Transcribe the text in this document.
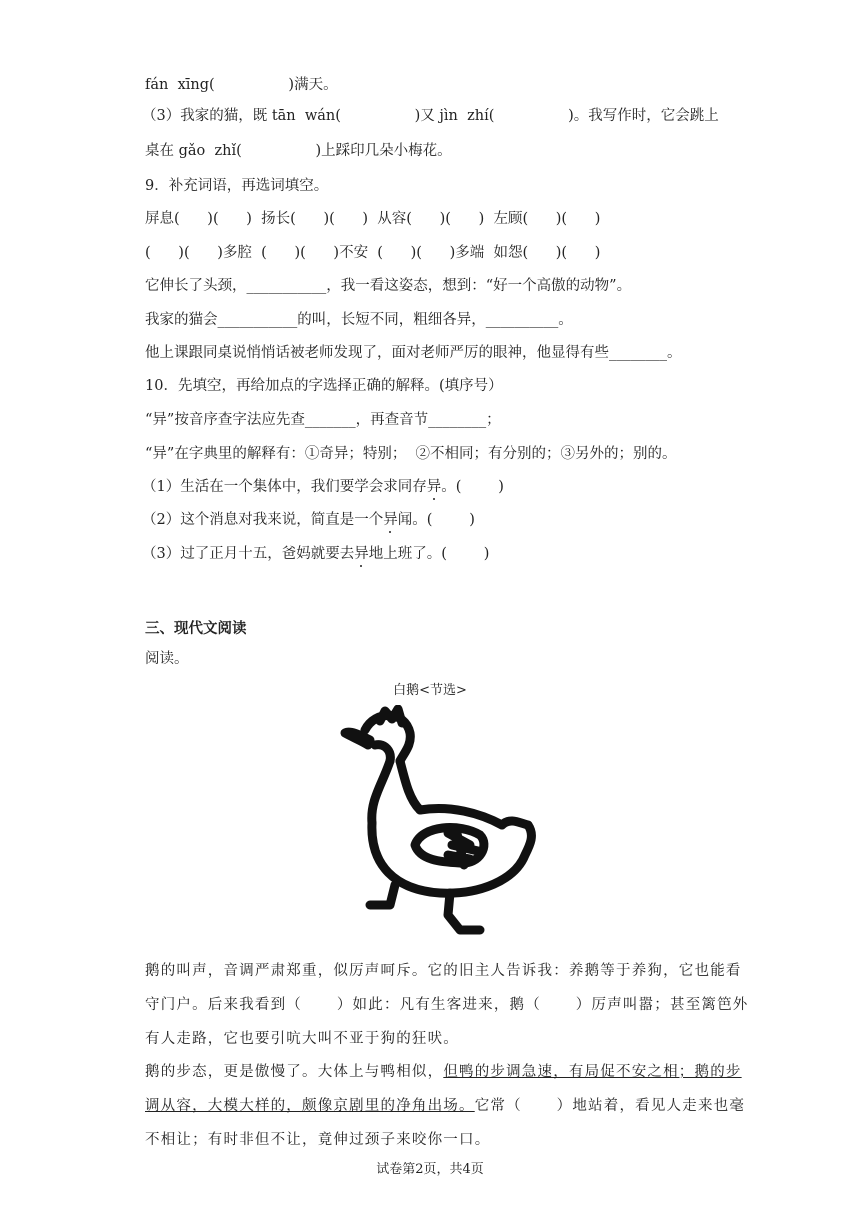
fán  xīng(                )满天。
（3）我家的猫，既 tān  wán(                )又 jìn  zhí(                )。我写作时，它会跳上
桌在 gǎo  zhǐ(                )上踩印几朵小梅花。
9．补充词语，再选词填空。
屏息(      )(      )  扬长(      )(      )  从容(      )(      )  左顾(      )(      )
(      )(      )多腔  (      )(      )不安  (      )(      )多端  如怨(      )(      )
它伸长了头颈，___________，我一看这姿态，想到：“好一个高傲的动物”。
我家的猫会___________的叫，长短不同，粗细各异，__________。
他上课跟同桌说悄悄话被老师发现了，面对老师严厉的眼神，他显得有些________。
10．先填空，再给加点的字选择正确的解释。(填序号）
“异”按音序查字法应先查_______，再查音节________；
“异”在字典里的解释有：①奇异；特别；  ②不相同；有分别的；③另外的；别的。
（1）生活在一个集体中，我们要学会求同存异。(        )
（2）这个消息对我来说，简直是一个异闻。(        )
（3）过了正月十五，爸妈就要去异地上班了。(        )
三、现代文阅读
阅读。
白鹅<节选>
鹅的叫声，音调严肃郑重，似厉声呵斥。它的旧主人告诉我：养鹅等于养狗，它也能看
守门户。后来我看到（      ）如此：凡有生客进来，鹅（      ）厉声叫嚣；甚至篱笆外
有人走路，它也要引吭大叫不亚于狗的狂吠。
鹅的步态，更是傲慢了。大体上与鸭相似，但鸭的步调急速，有局促不安之相；鹅的步
调从容，大模大样的，颇像京剧里的净角出场。它常（      ）地站着，看见人走来也毫
不相让；有时非但不让，竟伸过颈子来咬你一口。
试卷第2页，共4页
